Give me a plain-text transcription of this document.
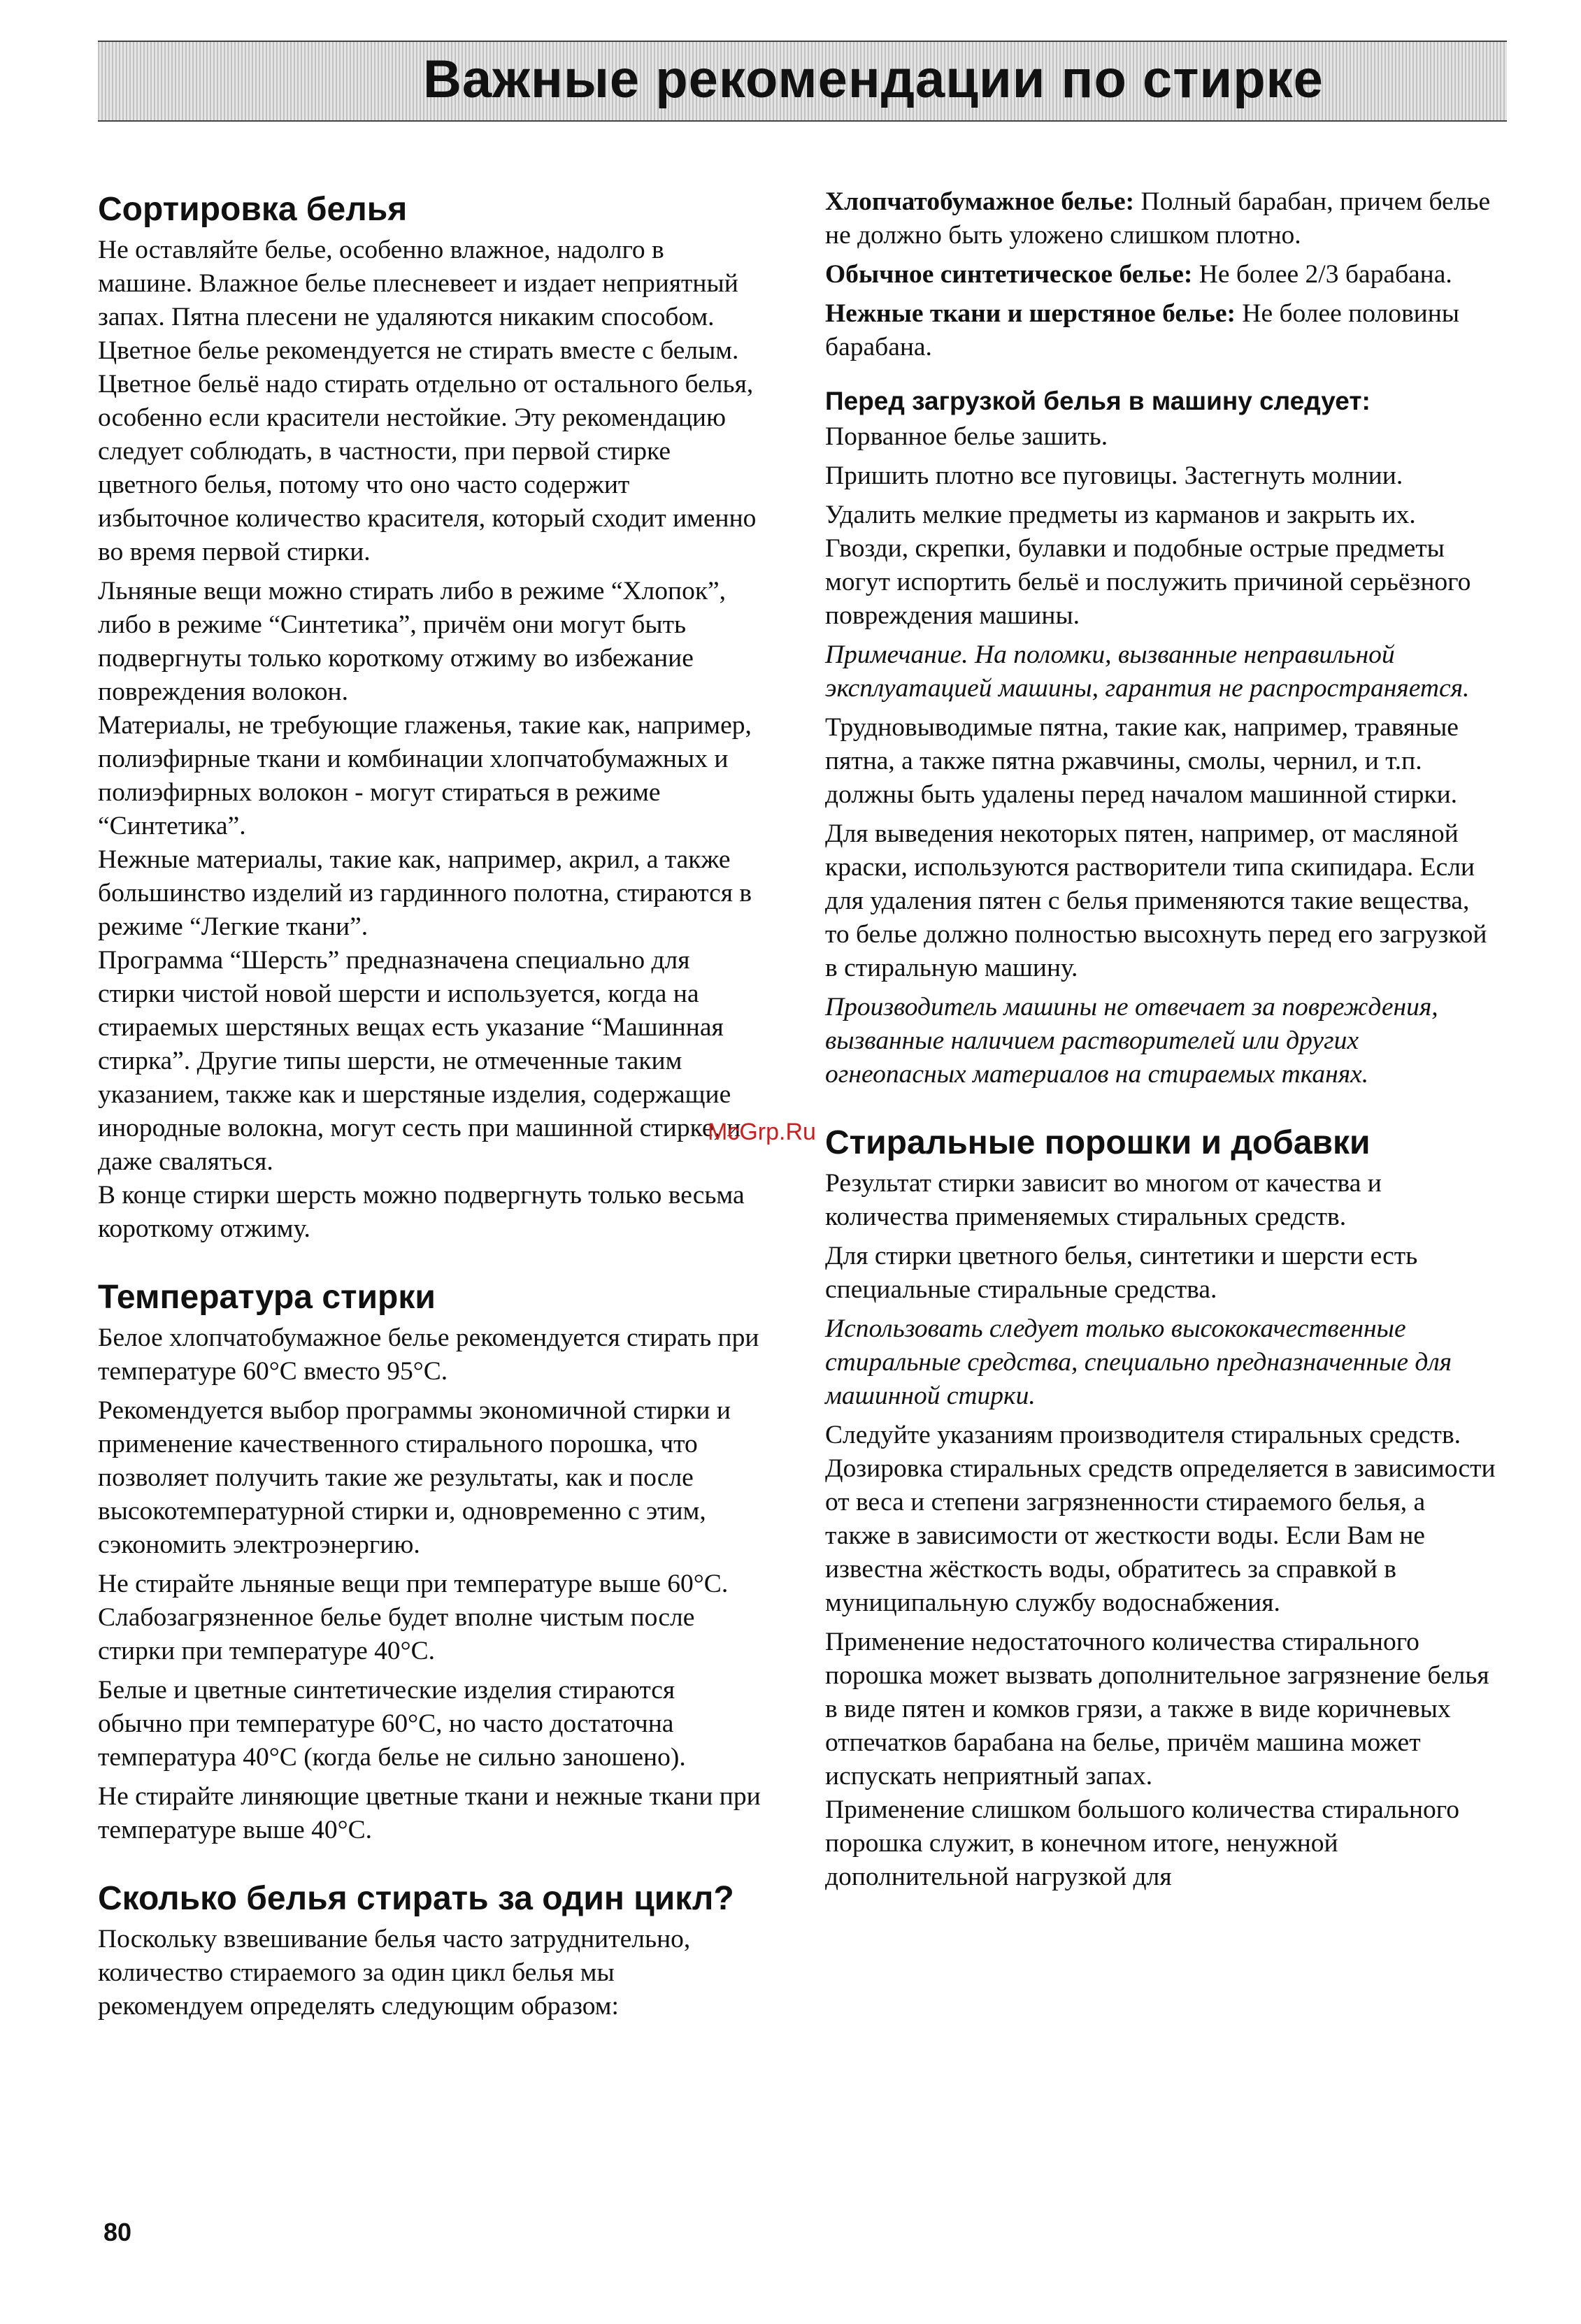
Важные рекомендации по стирке
Сортировка белья

Не оставляйте белье, особенно влажное, надолго в машине. Влажное белье плесневеет и издает неприятный запах. Пятна плесени не удаляются никаким способом. Цветное белье рекомендуется не стирать вместе с белым. Цветное бельё надо стирать отдельно от остального белья, особенно если красители нестойкие. Эту рекомендацию следует соблюдать, в частности, при первой стирке цветного белья, потому что оно часто содержит избыточное количество красителя, который сходит именно во время первой стирки.

Льняные вещи можно стирать либо в режиме “Хлопок”, либо в режиме “Синтетика”, причём они могут быть подвергнуты только короткому отжиму во избежание повреждения волокон.

Материалы, не требующие глаженья, такие как, например, полиэфирные ткани и комбинации хлопчатобумажных и полиэфирных волокон - могут стираться в режиме “Синтетика”.

Нежные материалы, такие как, например, акрил, а также большинство изделий из гардинного полотна, стираются в режиме “Легкие ткани”.

Программа “Шерсть” предназначена специально для стирки чистой новой шерсти и используется, когда на стираемых шерстяных вещах есть указание “Машинная стирка”. Другие типы шерсти, не отмеченные таким указанием, также как и шерстяные изделия, содержащие инородные волокна, могут сесть при машинной стирке, и даже сваляться.

В конце стирки шерсть можно подвергнуть только весьма короткому отжиму.

Температура стирки

Белое хлопчатобумажное белье рекомендуется стирать при температуре 60°С вместо 95°С.

Рекомендуется выбор программы экономичной стирки и применение качественного стирального порошка, что позволяет получить такие же результаты, как и после высокотемпературной стирки и, одновременно с этим, сэкономить электроэнергию.

Не стирайте льняные вещи при температуре выше 60°С. Слабозагрязненное белье будет вполне чистым после стирки при температуре 40°С.

Белые и цветные синтетические изделия стираются обычно при температуре 60°С, но часто достаточна температура 40°С (когда белье не сильно заношено).

Не стирайте линяющие цветные ткани и нежные ткани при температуре выше 40°С.

Сколько белья стирать за один цикл?

Поскольку взвешивание белья часто затруднительно, количество стираемого за один цикл белья мы рекомендуем определять следующим образом:

Хлопчатобумажное белье: Полный барабан, причем белье не должно быть уложено слишком плотно.

Обычное синтетическое белье: Не более 2/3 барабана.

Нежные ткани и шерстяное белье: Не более половины барабана.

Перед загрузкой белья в машину следует:

Порванное белье зашить.

Пришить плотно все пуговицы. Застегнуть молнии.

Удалить мелкие предметы из карманов и закрыть их. Гвозди, скрепки, булавки и подобные острые предметы могут испортить бельё и послужить причиной серьёзного повреждения машины.

Примечание. На поломки, вызванные неправильной эксплуатацией машины, гарантия не распространяется.

Трудновыводимые пятна, такие как, например, травяные пятна, а также пятна ржавчины, смолы, чернил, и т.п. должны быть удалены перед началом машинной стирки.

Для выведения некоторых пятен, например, от масляной краски, используются растворители типа скипидара. Если для удаления пятен с белья применяются такие вещества, то белье должно полностью высохнуть перед его загрузкой в стиральную машину.

Производитель машины не отвечает за повреждения, вызванные наличием растворителей или других огнеопасных материалов на стираемых тканях.

Стиральные порошки и добавки

Результат стирки зависит во многом от качества и количества применяемых стиральных средств.

Для стирки цветного белья, синтетики и шерсти есть специальные стиральные средства.

Использовать следует только высококачественные стиральные средства, специально предназначенные для машинной стирки.

Следуйте указаниям производителя стиральных средств. Дозировка стиральных средств определяется в зависимости от веса и степени загрязненности стираемого белья, а также в зависимости от жесткости воды. Если Вам не известна жёсткость воды, обратитесь за справкой в муниципальную службу водоснабжения.

Применение недостаточного количества стирального порошка может вызвать дополнительное загрязнение белья в виде пятен и комков грязи, а также в виде коричневых отпечатков барабана на белье, причём машина может испускать неприятный запах.

Применение слишком большого количества стирального порошка служит, в конечном итоге, ненужной дополнительной нагрузкой для

McGrp.Ru
80
